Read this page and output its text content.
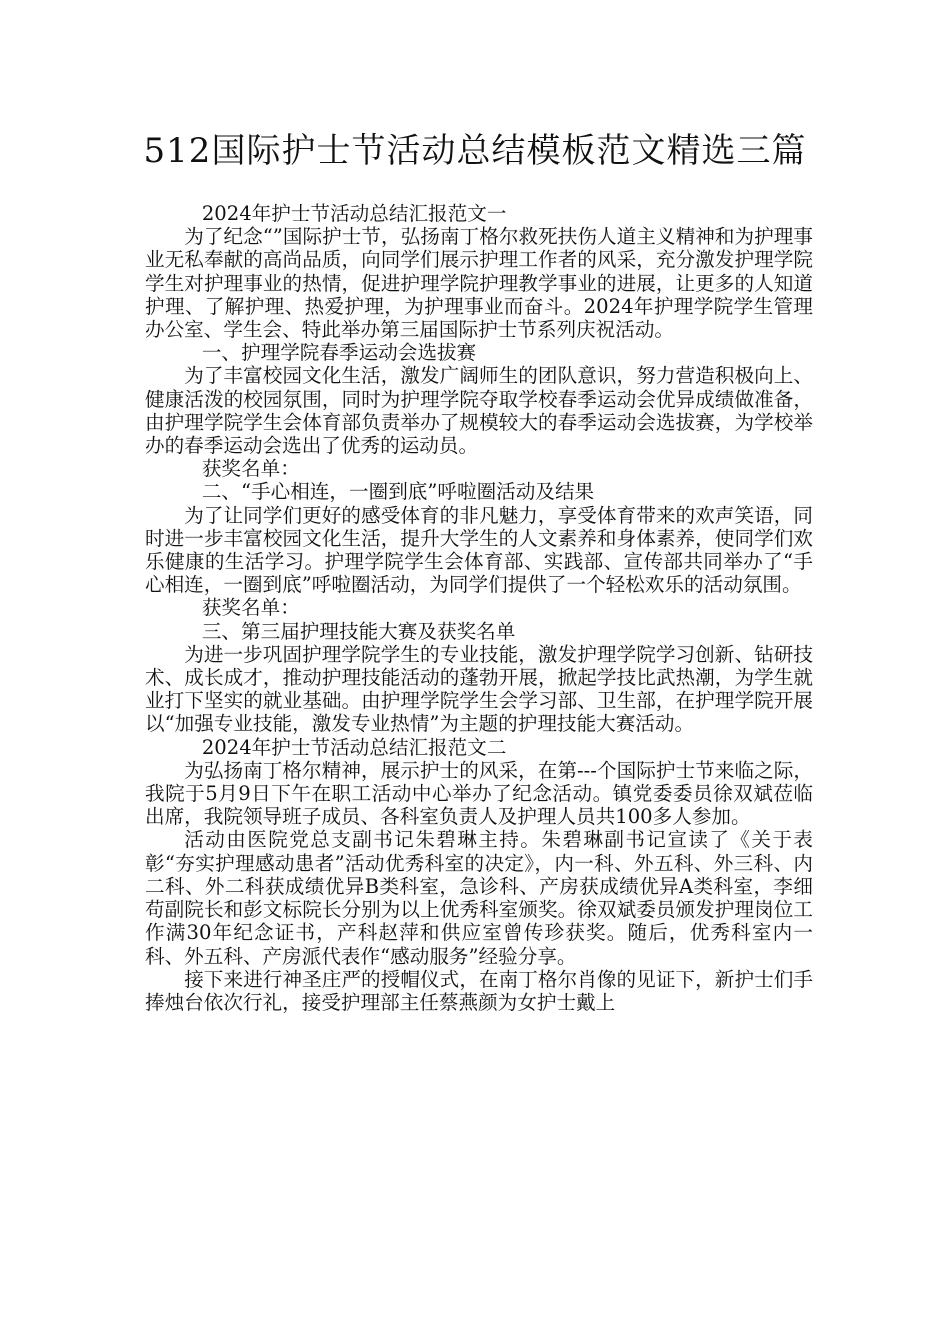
512国际护士节活动总结模板范文精选三篇

2024年护士节活动总结汇报范文一

为了纪念“”国际护士节，弘扬南丁格尔救死扶伤人道主义精神和为护理事业无私奉献的高尚品质，向同学们展示护理工作者的风采，充分激发护理学院学生对护理事业的热情，促进护理学院护理教学事业的进展，让更多的人知道护理、了解护理、热爱护理，为护理事业而奋斗。2024年护理学院学生管理办公室、学生会、特此举办第三届国际护士节系列庆祝活动。

一、护理学院春季运动会选拔赛

为了丰富校园文化生活，激发广阔师生的团队意识，努力营造积极向上、健康活泼的校园氛围，同时为护理学院夺取学校春季运动会优异成绩做准备，由护理学院学生会体育部负责举办了规模较大的春季运动会选拔赛，为学校举办的春季运动会选出了优秀的运动员。

获奖名单：

二、“手心相连，一圈到底”呼啦圈活动及结果

为了让同学们更好的感受体育的非凡魅力，享受体育带来的欢声笑语，同时进一步丰富校园文化生活，提升大学生的人文素养和身体素养，使同学们欢乐健康的生活学习。护理学院学生会体育部、实践部、宣传部共同举办了“手心相连，一圈到底”呼啦圈活动，为同学们提供了一个轻松欢乐的活动氛围。

获奖名单：

三、第三届护理技能大赛及获奖名单

为进一步巩固护理学院学生的专业技能，激发护理学院学习创新、钻研技术、成长成才，推动护理技能活动的蓬勃开展，掀起学技比武热潮，为学生就业打下坚实的就业基础。由护理学院学生会学习部、卫生部，在护理学院开展以“加强专业技能，激发专业热情”为主题的护理技能大赛活动。

2024年护士节活动总结汇报范文二

为弘扬南丁格尔精神，展示护士的风采，在第---个国际护士节来临之际，我院于5月9日下午在职工活动中心举办了纪念活动。镇党委委员徐双斌莅临出席，我院领导班子成员、各科室负责人及护理人员共100多人参加。

活动由医院党总支副书记朱碧琳主持。朱碧琳副书记宣读了《关于表彰“夯实护理感动患者”活动优秀科室的决定》，内一科、外五科、外三科、内二科、外二科获成绩优异B类科室，急诊科、产房获成绩优异A类科室，李细苟副院长和彭文标院长分别为以上优秀科室颁奖。徐双斌委员颁发护理岗位工作满30年纪念证书，产科赵萍和供应室曾传珍获奖。随后，优秀科室内一科、外五科、产房派代表作“感动服务”经验分享。

接下来进行神圣庄严的授帽仪式，在南丁格尔肖像的见证下，新护士们手捧烛台依次行礼，接受护理部主任蔡燕颜为女护士戴上
